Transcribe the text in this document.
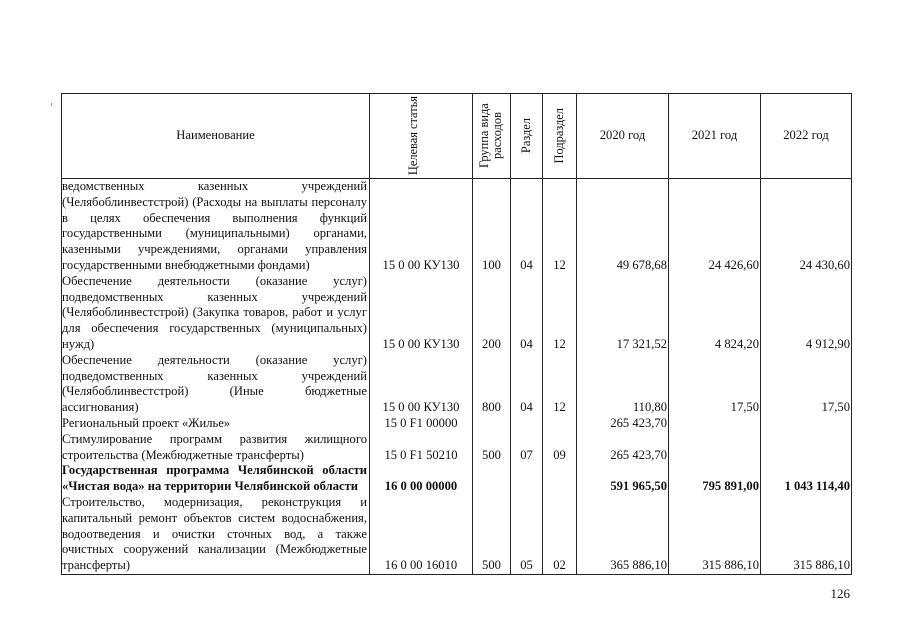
Наименование	Целевая статья	Группа вида расходов	Раздел	Подраздел	2020 год	2021 год	2022 год
ведомственных казенных учреждений (Челябоблинвестстрой) (Расходы на выплаты персоналу в целях обеспечения выполнения функций государственными (муниципальными) органами, казенными учреждениями, органами управления государственными внебюджетными фондами)	15 0 00 КУ130	100	04	12	49 678,68	24 426,60	24 430,60
Обеспечение деятельности (оказание услуг) подведомственных казенных учреждений (Челябоблинвестстрой) (Закупка товаров, работ и услуг для обеспечения государственных (муниципальных) нужд)	15 0 00 КУ130	200	04	12	17 321,52	4 824,20	4 912,90
Обеспечение деятельности (оказание услуг) подведомственных казенных учреждений (Челябоблинвестстрой) (Иные бюджетные ассигнования)	15 0 00 КУ130	800	04	12	110,80	17,50	17,50
Региональный проект «Жилье»	15 0 F1 00000				265 423,70		
Стимулирование программ развития жилищного строительства (Межбюджетные трансферты)	15 0 F1 50210	500	07	09	265 423,70		
Государственная программа Челябинской области «Чистая вода» на территории Челябинской области	16 0 00 00000				591 965,50	795 891,00	1 043 114,40
Строительство, модернизация, реконструкция и капитальный ремонт объектов систем водоснабжения, водоотведения и очистки сточных вод, а также очистных сооружений канализации (Межбюджетные трансферты)	16 0 00 16010	500	05	02	365 886,10	315 886,10	315 886,10
126
